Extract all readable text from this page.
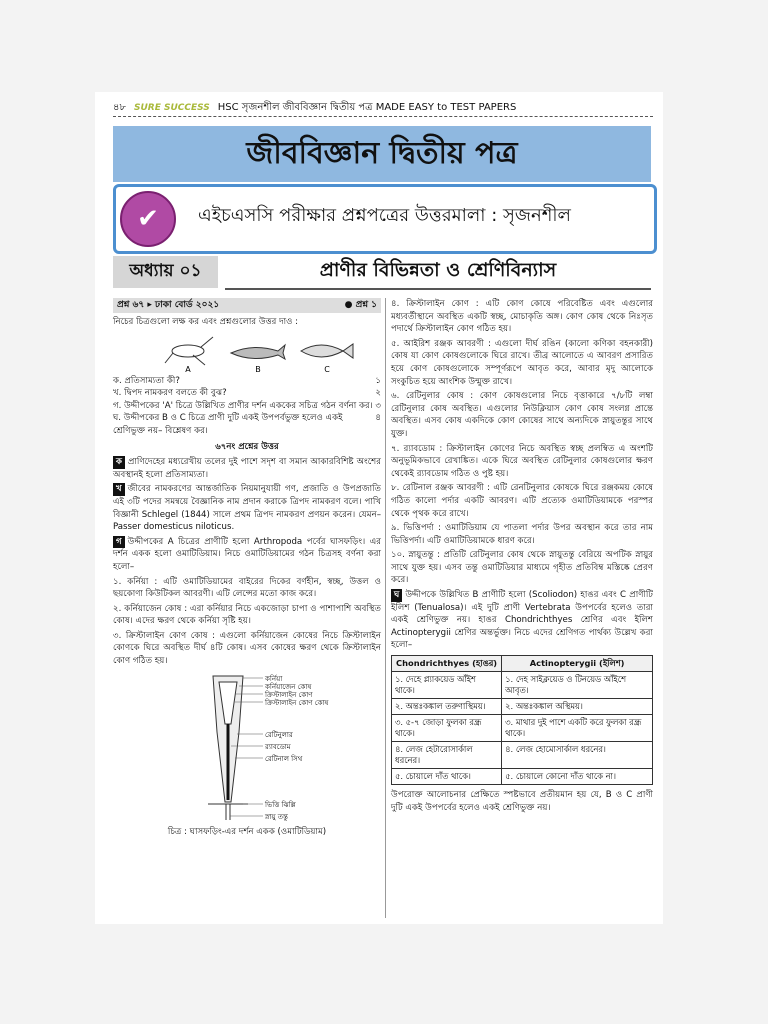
৪৮ SURE SUCCESS HSC সৃজনশীল জীববিজ্ঞান দ্বিতীয় পত্র MADE EASY to TEST PAPERS
জীববিজ্ঞান দ্বিতীয় পত্র
✔	এইচএসসি পরীক্ষার প্রশ্নপত্রের উত্তরমালা : সৃজনশীল
অধ্যায় ০১	প্রাণীর বিভিন্নতা ও শ্রেণিবিন্যাস
প্রশ্ন ৬৭ ▸ ঢাকা বোর্ড ২০২১	● প্রশ্ন ১

নিচের চিত্রগুলো লক্ষ কর এবং প্রশ্নগুলোর উত্তর দাও :

A	B	C
ক. প্রতিসাম্যতা কী?	১
খ. দ্বিপদ নামকরণ বলতে কী বুঝ?	২
গ. উদ্দীপকের 'A' চিত্রে উল্লিখিত প্রাণীর দর্শন এককের সচিত্র গঠন বর্ণনা কর। ৩
ঘ. উদ্দীপকের B ও C চিত্রে প্রাণী দুটি একই উপপর্বভুক্ত হলেও একই শ্রেণিভুক্ত নয়– বিশ্লেষণ কর।
৪
৬৭নং প্রশ্নের উত্তর

ক প্রাণিদেহের মধ্যরেখীয় তলের দুই পাশে সদৃশ বা সমান আকারবিশিষ্ট অংশের অবস্থানই হলো প্রতিসাম্যতা।

খ জীবের নামকরণের আন্তর্জাতিক নিয়মানুযায়ী গণ, প্রজাতি ও উপপ্রজাতি এই ৩টি পদের সমন্বয়ে বৈজ্ঞানিক নাম প্রদান করাকে ত্রিপদ নামকরণ বলে। পাখি বিজ্ঞানী Schlegel (1844) সালে প্রথম ত্রিপদ নামকরণ প্রণয়ন করেন। যেমন– Passer domesticus niloticus.

গ উদ্দীপকের A চিত্রের প্রাণীটি হলো Arthropoda পর্বের ঘাসফড়িং। এর দর্শন একক হলো ওমাটিডিয়াম। নিচে ওমাটিডিয়ামের গঠন চিত্রসহ বর্ণনা করা হলো–

১. কর্নিয়া : এটি ওমাটিডিয়ামের বাইরের দিকের বর্ণহীন, স্বচ্ছ, উত্তল ও ছয়কোণা কিউটিকল আবরণী। এটি লেন্সের মতো কাজ করে।

২. কর্নিয়াজেন কোষ : এরা কর্নিয়ার নিচে একজোড়া চাপা ও পাশাপাশি অবস্থিত কোষ। এদের ক্ষরণ থেকে কর্নিয়া সৃষ্টি হয়।

৩. ক্রিস্টালাইন কোণ কোষ : এগুলো কর্নিয়াজেন কোষের নিচে ক্রিস্টালাইন কোণকে ঘিরে অবস্থিত দীর্ঘ ৪টি কোষ। এসব কোষের ক্ষরণ থেকে ক্রিস্টালাইন কোণ গঠিত হয়।

কর্নিয়া
কর্নিয়াজেন কোষ
ক্রিস্টালাইন কোণ
ক্রিস্টালাইন কোণ কোষ
রেটিনুলার
র‍্যাবডোম
রেটিনাল সিথ
ভিত্তি ঝিল্লি
স্নায়ু তন্তু
চিত্র : ঘাসফড়িং-এর দর্শন একক (ওমাটিডিয়াম)

৪. ক্রিস্টালাইন কোণ : এটি কোণ কোষে পরিবেষ্টিত এবং এগুলোর মধ্যবর্তীস্থানে অবস্থিত একটি স্বচ্ছ, মোচাকৃতি অঙ্গ। কোণ কোষ থেকে নিঃসৃত পদার্থে ক্রিস্টালাইন কোণ গঠিত হয়।

৫. আইরিশ রঞ্জক আবরণী : এগুলো দীর্ঘ রঙিন (কালো কণিকা বহনকারী) কোষ যা কোণ কোষগুলোকে ঘিরে রাখে। তীব্র আলোতে এ আবরণ প্রসারিত হয়ে কোণ কোষগুলোকে সম্পূর্ণরূপে আবৃত করে, আবার মৃদু আলোকে সংকুচিত হয়ে আংশিক উন্মুক্ত রাখে।

৬. রেটিনুলার কোষ : কোণ কোষগুলোর নিচে বৃত্তাকারে ৭/৮টি লম্বা রেটিনুলার কোষ অবস্থিত। এগুলোর নিউক্লিয়াস কোণ কোষ সংলগ্ন প্রান্তে অবস্থিত। এসব কোষ একদিকে কোণ কোষের সাথে অন্যদিকে স্নায়ুতন্তুর সাথে যুক্ত।

৭. র‍্যাবডোম : ক্রিস্টালাইন কোণের নিচে অবস্থিত স্বচ্ছ প্রলম্বিত এ অংশটি অনুভূমিকভাবে রেখাঙ্কিত। একে ঘিরে অবস্থিত রেটিনুলার কোষগুলোর ক্ষরণ থেকেই র‍্যাবডোম গঠিত ও পুষ্ট হয়।

৮. রেটিনাল রঞ্জক আবরণী : এটি রেনটিনুলার কোষকে ঘিরে রঞ্জকময় কোষে গঠিত কালো পর্দার একটি আবরণ। এটি প্রত্যেক ওমাটিডিয়ামকে পরস্পর থেকে পৃথক করে রাখে।

৯. ভিত্তিপর্দা : ওমাটিডিয়াম যে পাতলা পর্দার উপর অবস্থান করে তার নাম ভিত্তিপর্দা। এটি ওমাটিডিয়ামকে ধারণ করে।

১০. স্নায়ুতন্তু : প্রতিটি রেটিনুলার কোষ থেকে স্নায়ুতন্তু বেরিয়ে অপটিক স্নায়ুর সাথে যুক্ত হয়। এসব তন্তু ওমাটিডিয়ার মাধ্যমে গৃহীত প্রতিবিম্ব মস্তিষ্কে প্রেরণ করে।

ঘ উদ্দীপকে উল্লিখিত B প্রাণীটি হলো (Scoliodon) হাঙর এবং C প্রাণীটি ইলিশ (Tenualosa)। এই দুটি প্রাণী Vertebrata উপপর্বের হলেও তারা একই শ্রেণিভুক্ত নয়। হাঙর Chondrichthyes শ্রেণির এবং ইলিশ Actinopterygii শ্রেণির অন্তর্ভুক্ত। নিচে এদের শ্রেণিগত পার্থক্য উল্লেখ করা হলো–

Chondrichthyes (হাঙর)	Actinopterygii (ইলিশ)
১. দেহে প্ল্যাকয়েড আঁইশ থাকে।	১. দেহ সাইক্লয়েড ও টিনয়েড আঁইশে আবৃত।
২. অন্তঃকঙ্কাল তরুণাস্থিময়।	২. অন্তঃকঙ্কাল অস্থিময়।
৩. ৫-৭ জোড়া ফুলকা রন্ধ্র থাকে।	৩. মাথার দুই পাশে একটি করে ফুলকা রন্ধ্র থাকে।
৪. লেজ হেটারোসার্কাল ধরনের।	৪. লেজ হোমোসার্কাল ধরনের।
৫. চোয়ালে দাঁত থাকে।	৫. চোয়ালে কোনো দাঁত থাকে না।

উপরোক্ত আলোচনার প্রেক্ষিতে স্পষ্টভাবে প্রতীয়মান হয় যে, B ও C প্রাণী দুটি একই উপপর্বের হলেও একই শ্রেণিভুক্ত নয়।
